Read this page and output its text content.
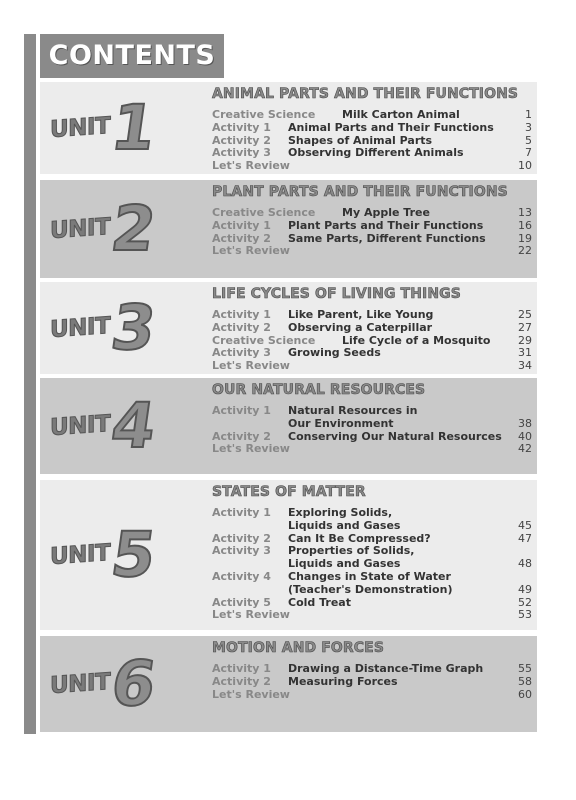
CONTENTS
UNIT
1	ANIMAL PARTS AND THEIR FUNCTIONS
Creative Science	Milk Carton Animal	1
Activity 1	Animal Parts and Their Functions	3
Activity 2	Shapes of Animal Parts	5
Activity 3	Observing Different Animals	7
Let's Review	10
UNIT
2	PLANT PARTS AND THEIR FUNCTIONS
Creative Science	My Apple Tree	13
Activity 1	Plant Parts and Their Functions	16
Activity 2	Same Parts, Different Functions	19
Let's Review	22
UNIT
3	LIFE CYCLES OF LIVING THINGS
Activity 1	Like Parent, Like Young	25
Activity 2	Observing a Caterpillar	27
Creative Science	Life Cycle of a Mosquito	29
Activity 3	Growing Seeds	31
Let's Review	34
UNIT
4	OUR NATURAL RESOURCES
Activity 1	Natural Resources in
Our Environment	38
Activity 2	Conserving Our Natural Resources	40
Let's Review	42
UNIT
5
STATES OF MATTER
Activity 1	Exploring Solids,
Liquids and Gases	45
Activity 2	Can It Be Compressed?	47
Activity 3	Properties of Solids,
Liquids and Gases	48
Activity 4	Changes in State of Water
(Teacher's Demonstration)	49
Activity 5	Cold Treat	52
Let's Review	53
UNIT
6	MOTION AND FORCES
Activity 1	Drawing a Distance-Time Graph	55
Activity 2	Measuring Forces	58
Let's Review	60
